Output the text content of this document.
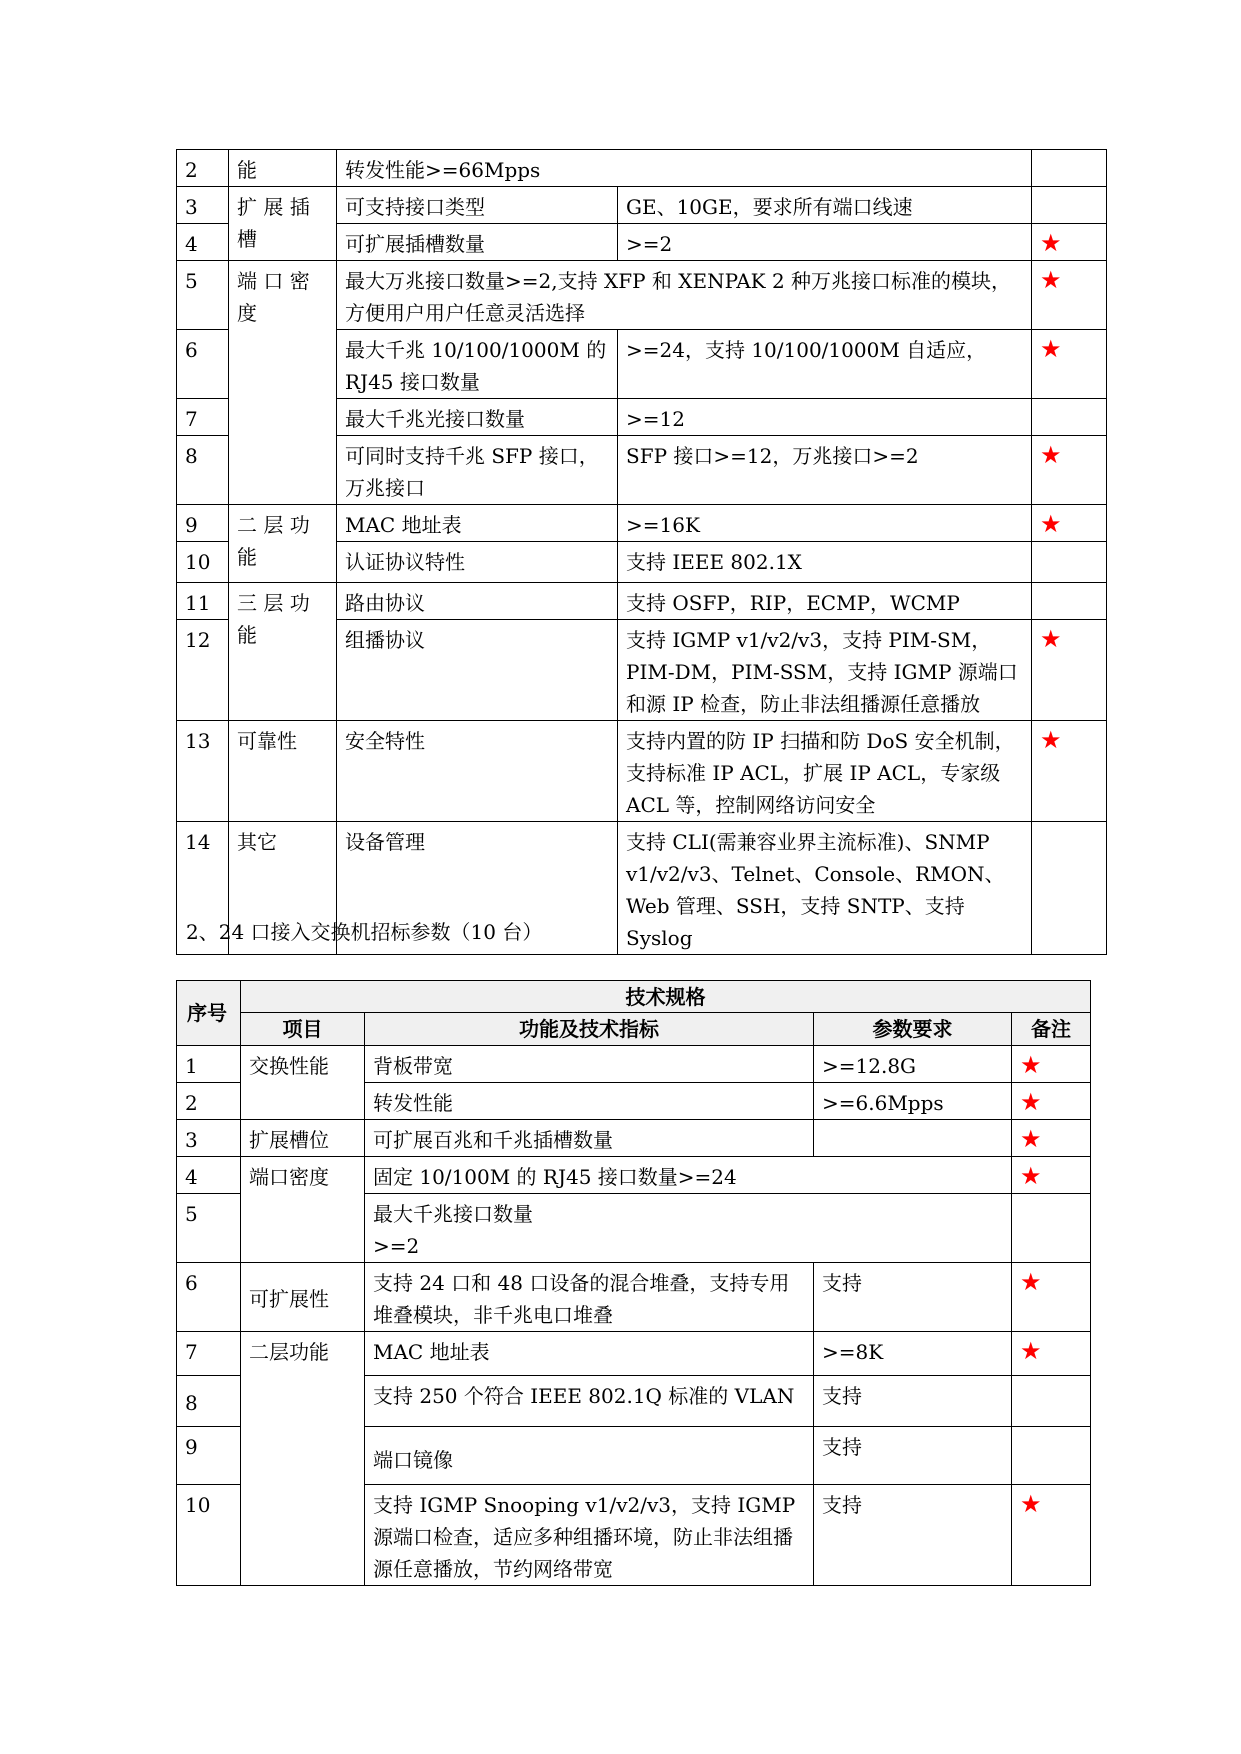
2	能	转发性能>=66Mpps		
3	扩 展 插 槽	可支持接口类型	GE、10GE，要求所有端口线速	
4		可扩展插槽数量	>=2	★
5	端 口 密 度	最大万兆接口数量>=2,支持 XFP 和 XENPAK 2 种万兆接口标准的模块，方便用户用户任意灵活选择		★
6		最大千兆 10/100/1000M 的 RJ45 接口数量	>=24，支持 10/100/1000M 自适应，	★
7		最大千兆光接口数量	>=12	
8		可同时支持千兆 SFP 接口，万兆接口	SFP 接口>=12，万兆接口>=2	★
9	二 层 功 能	MAC 地址表	>=16K	★
10		认证协议特性	支持 IEEE 802.1X	
11	三 层 功 能	路由协议	支持 OSFP，RIP，ECMP，WCMP	
12		组播协议	支持 IGMP v1/v2/v3，支持 PIM-SM，PIM-DM，PIM-SSM，支持 IGMP 源端口和源 IP 检查，防止非法组播源任意播放	★
13	可靠性	安全特性	支持内置的防 IP 扫描和防 DoS 安全机制，支持标准 IP ACL，扩展 IP ACL，专家级 ACL 等，控制网络访问安全	★
14	其它	设备管理	支持 CLI(需兼容业界主流标准)、SNMP v1/v2/v3、Telnet、Console、RMON、Web 管理、SSH，支持 SNTP、支持 Syslog	

2、24 口接入交换机招标参数（10 台）

序号	技术规格			
	项目	功能及技术指标	参数要求	备注
1	交换性能	背板带宽	>=12.8G	★
2		转发性能	>=6.6Mpps	★
3	扩展槽位	可扩展百兆和千兆插槽数量		★
4	端口密度	固定 10/100M 的 RJ45 接口数量>=24		★
5		最大千兆接口数量
>=2		

6	可扩展性	支持 24 口和 48 口设备的混合堆叠，支持专用堆叠模块，非千兆电口堆叠	支持	★
7	二层功能	MAC 地址表	>=8K	★
8		支持 250 个符合 IEEE 802.1Q 标准的 VLAN	支持	
9		端口镜像	支持	
10		支持 IGMP Snooping v1/v2/v3，支持 IGMP 源端口检查，适应多种组播环境，防止非法组播源任意播放，节约网络带宽	支持	★
